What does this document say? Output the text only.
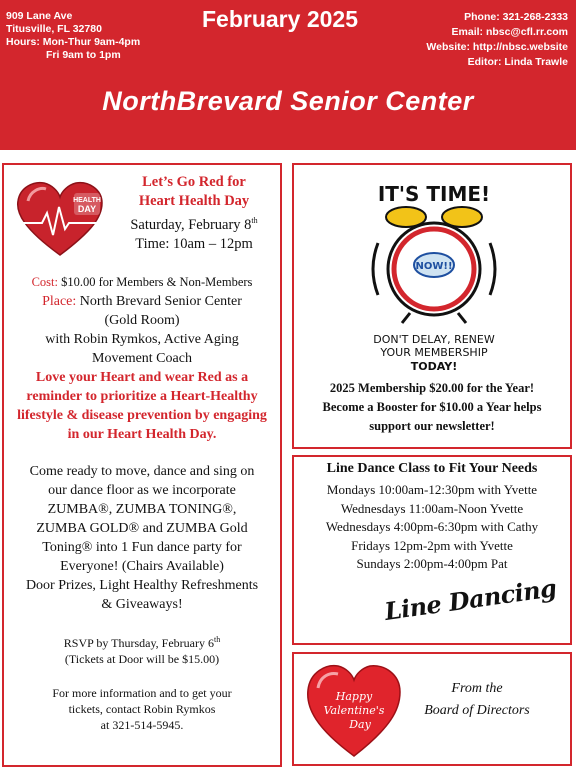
909 Lane Ave
Titusville, FL 32780
Hours: Mon-Thur 9am-4pm
Fri 9am to 1pm
February 2025	Phone: 321-268-2333
Email: nbsc@cfl.rr.com
Website: http://nbsc.website
Editor: Linda Trawle
NorthBrevard Senior Center
HEALTH
DAY
Let’s Go Red for
Heart Health Day
Saturday, February 8th
Time: 10am – 12pm

Cost: $10.00 for Members & Non-Members

Place: North Brevard Senior Center

(Gold Room)

with Robin Rymkos, Active Aging

Movement Coach

Love your Heart and wear Red as a

reminder to prioritize a Heart-Healthy

lifestyle & disease prevention by engaging

in our Heart Health Day.

Come ready to move, dance and sing on

our dance floor as we incorporate

ZUMBA®, ZUMBA TONING®,

ZUMBA GOLD® and ZUMBA Gold

Toning® into 1 Fun dance party for

Everyone! (Chairs Available)

Door Prizes, Light Healthy Refreshments

& Giveaways!

RSVP by Thursday, February 6th

(Tickets at Door will be $15.00)

For more information and to get your

tickets, contact Robin Rymkos

at 321-514-5945.

IT'S TIME!
NOW!!
DON'T DELAY, RENEW
YOUR MEMBERSHIP
TODAY!
2025 Membership $20.00 for the Year!
Become a Booster for $10.00 a Year helps
support our newsletter!
Line Dance Class to Fit Your Needs
Mondays 10:00am-12:30pm with Yvette
Wednesdays 11:00am-Noon Yvette
Wednesdays 4:00pm-6:30pm with Cathy
Fridays 12pm-2pm with Yvette
Sundays 2:00pm-4:00pm Pat
Line Dancing
Happy
Valentine's
Day
From the
Board of Directors
